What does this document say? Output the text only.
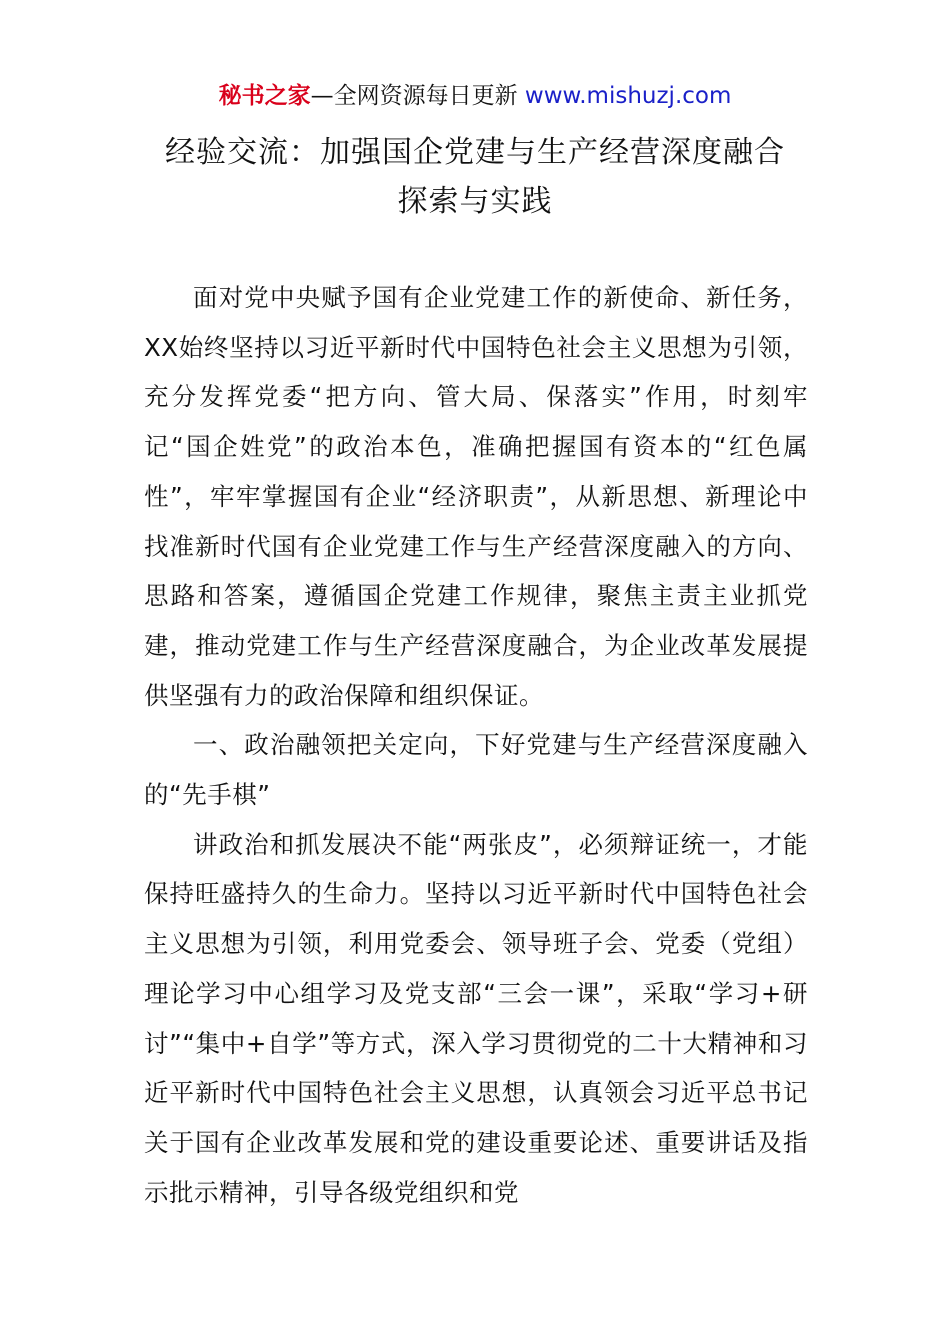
秘书之家—全网资源每日更新 www.mishuzj.com
经验交流：加强国企党建与生产经营深度融合
探索与实践

面对党中央赋予国有企业党建工作的新使命、新任务，XX始终坚持以习近平新时代中国特色社会主义思想为引领，充分发挥党委“把方向、管大局、保落实”作用，时刻牢记“国企姓党”的政治本色，准确把握国有资本的“红色属性”，牢牢掌握国有企业“经济职责”，从新思想、新理论中找准新时代国有企业党建工作与生产经营深度融入的方向、思路和答案，遵循国企党建工作规律，聚焦主责主业抓党建，推动党建工作与生产经营深度融合，为企业改革发展提供坚强有力的政治保障和组织保证。

一、政治融领把关定向，下好党建与生产经营深度融入的“先手棋”

讲政治和抓发展决不能“两张皮”，必须辩证统一，才能保持旺盛持久的生命力。坚持以习近平新时代中国特色社会主义思想为引领，利用党委会、领导班子会、党委（党组）理论学习中心组学习及党支部“三会一课”，采取“学习+研讨”“集中+自学”等方式，深入学习贯彻党的二十大精神和习近平新时代中国特色社会主义思想，认真领会习近平总书记关于国有企业改革发展和党的建设重要论述、重要讲话及指示批示精神，引导各级党组织和党
